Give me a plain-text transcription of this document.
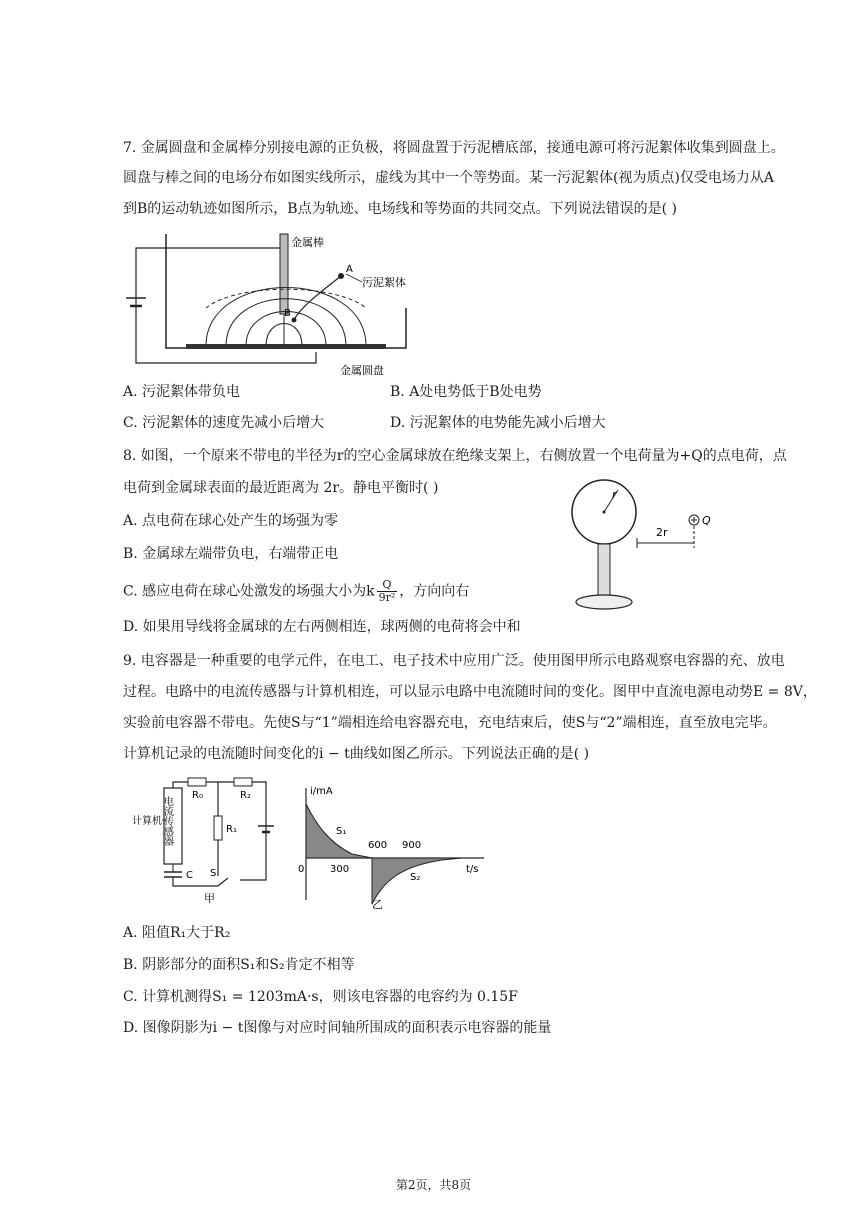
7. 金属圆盘和金属棒分别接电源的正负极，将圆盘置于污泥槽底部，接通电源可将污泥絮体收集到圆盘上。
圆盘与棒之间的电场分布如图实线所示，虚线为其中一个等势面。某一污泥絮体(视为质点)仅受电场力从A
到B的运动轨迹如图所示，B点为轨迹、电场线和等势面的共同交点。下列说法错误的是( )
A
B
金属棒
污泥絮体
金属圆盘
A. 污泥絮体带负电	B. A处电势低于B处电势
C. 污泥絮体的速度先减小后增大	D. 污泥絮体的电势能先减小后增大
8. 如图，一个原来不带电的半径为r的空心金属球放在绝缘支架上，右侧放置一个电荷量为+Q的点电荷，点
电荷到金属球表面的最近距离为 2r。静电平衡时( )
A. 点电荷在球心处产生的场强为零
B. 金属球左端带负电，右端带正电
C. 感应电荷在球心处激发的场强大小为k $\frac{Q}{\text{9r²}}$ ，方向向右
D. 如果用导线将金属球的左右两侧相连，球两侧的电荷将会中和
r
2r
Q
9. 电容器是一种重要的电学元件，在电工、电子技术中应用广泛。使用图甲所示电路观察电容器的充、放电
过程。电路中的电流传感器与计算机相连，可以显示电路中电流随时间的变化。图甲中直流电源电动势E = 8V，
实验前电容器不带电。先使S与“1”端相连给电容器充电，充电结束后，使S与“2”端相连，直至放电完毕。
计算机记录的电流随时间变化的i − t曲线如图乙所示。下列说法正确的是( )
电流传感器
计算机
R₀	R₂
R₁
C S
甲
i/mA
t/s
0	300
600 900
S₁
S₂
乙
A. 阻值R₁大于R₂
B. 阴影部分的面积S₁和S₂肯定不相等
C. 计算机测得S₁ = 1203mA·s，则该电容器的电容约为 0.15F
D. 图像阴影为i − t图像与对应时间轴所围成的面积表示电容器的能量
第2页，共8页
